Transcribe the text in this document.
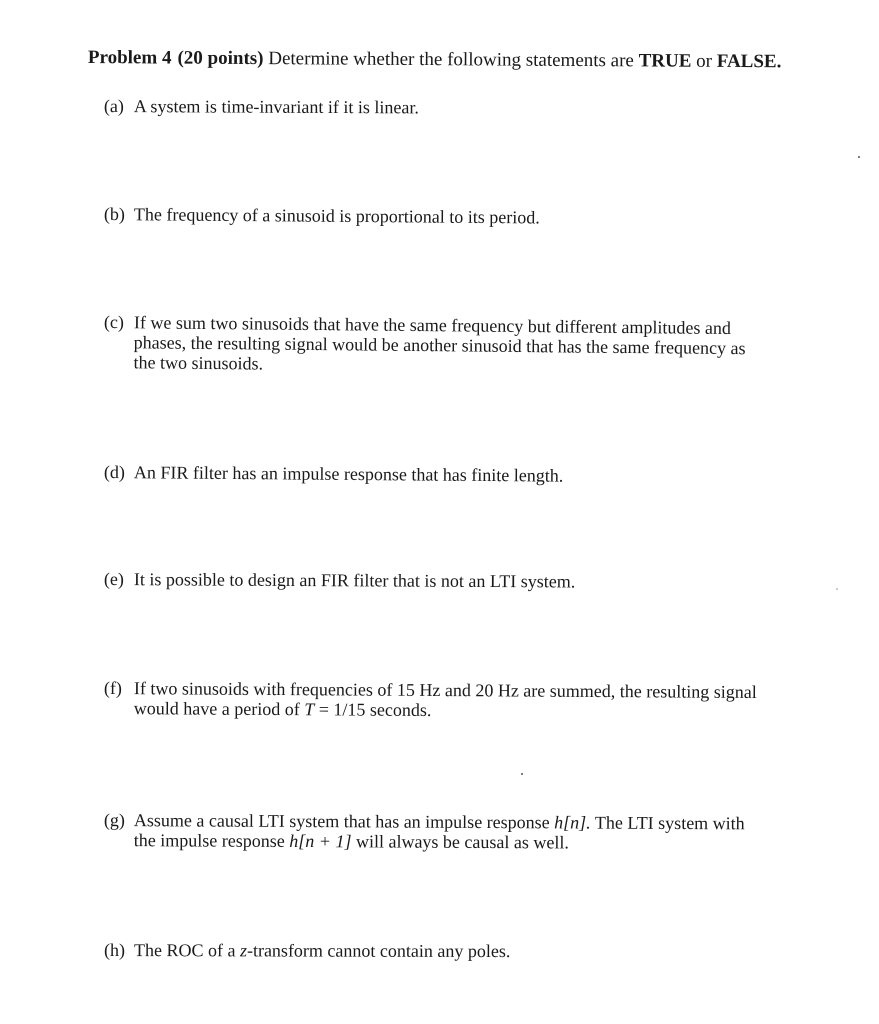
Problem 4 (20 points) Determine whether the following statements are TRUE or FALSE.
(a) A system is time-invariant if it is linear.
(b) The frequency of a sinusoid is proportional to its period.
(c) If we sum two sinusoids that have the same frequency but different amplitudes and
phases, the resulting signal would be another sinusoid that has the same frequency as
the two sinusoids.
(d) An FIR filter has an impulse response that has finite length.
(e) It is possible to design an FIR filter that is not an LTI system.
(f) If two sinusoids with frequencies of 15 Hz and 20 Hz are summed, the resulting signal
would have a period of T = 1/15 seconds.
(g) Assume a causal LTI system that has an impulse response h[n]. The LTI system with
the impulse response h[n + 1] will always be causal as well.
(h) The ROC of a z-transform cannot contain any poles.
